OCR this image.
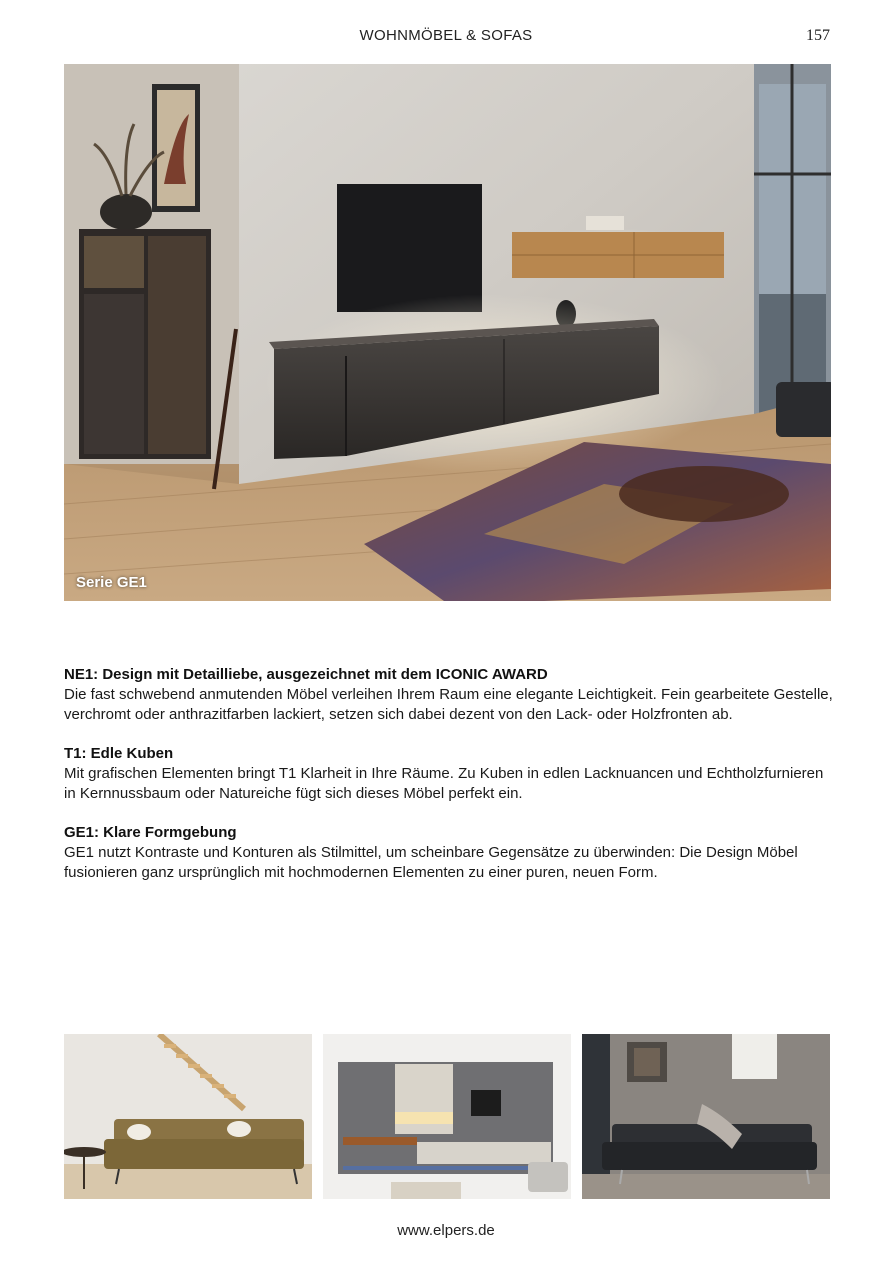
WOHNMÖBEL & SOFAS	157
Serie GE1
NE1: Design mit Detailliebe, ausgezeichnet mit dem ICONIC AWARD

Die fast schwebend anmutenden Möbel verleihen Ihrem Raum eine elegante Leichtigkeit. Fein gearbeitete Gestelle, verchromt oder anthrazitfarben lackiert, setzen sich dabei dezent von den Lack- oder Holzfronten ab.

T1: Edle Kuben

Mit grafischen Elementen bringt T1 Klarheit in Ihre Räume. Zu Kuben in edlen Lacknuancen und Echtholzfurnieren in Kernnussbaum oder Natureiche fügt sich dieses Möbel perfekt ein.

GE1: Klare Formgebung

GE1 nutzt Kontraste und Konturen als Stilmittel, um scheinbare Gegensätze zu überwinden: Die Design Möbel fusionieren ganz ursprünglich mit hochmodernen Elementen zu einer puren, neuen Form.

www.elpers.de
